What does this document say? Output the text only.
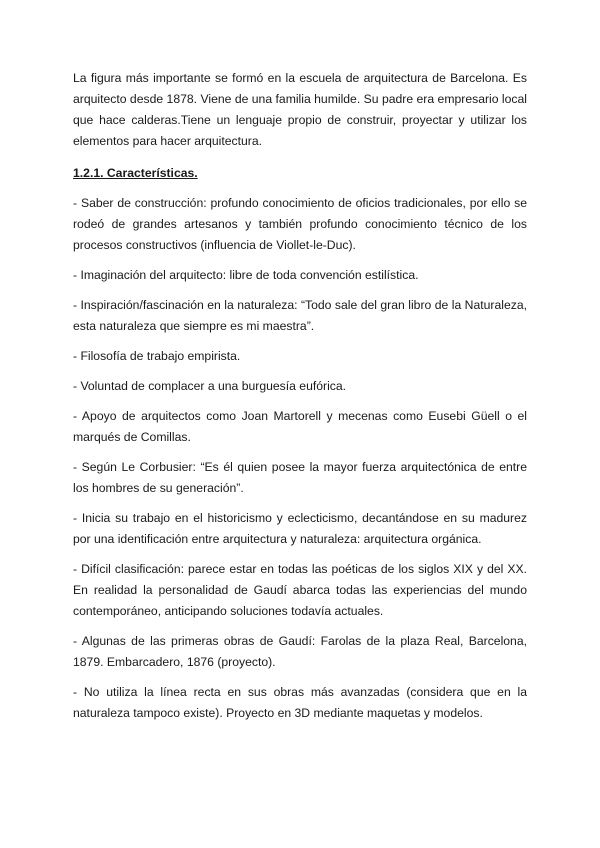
La figura más importante se formó en la escuela de arquitectura de Barcelona. Es arquitecto desde 1878. Viene de una familia humilde. Su padre era empresario local que hace calderas.Tiene un lenguaje propio de construir, proyectar y utilizar los elementos para hacer arquitectura.

1.2.1. Características.

- Saber de construcción: profundo conocimiento de oficios tradicionales, por ello se rodeó de grandes artesanos y también profundo conocimiento técnico de los procesos constructivos (influencia de Viollet-le-Duc).

- Imaginación del arquitecto: libre de toda convención estilística.

- Inspiración/fascinación en la naturaleza: “Todo sale del gran libro de la Naturaleza, esta naturaleza que siempre es mi maestra”.

- Filosofía de trabajo empirista.

- Voluntad de complacer a una burguesía eufórica.

- Apoyo de arquitectos como Joan Martorell y mecenas como Eusebi Güell o el marqués de Comillas.

- Según Le Corbusier: “Es él quien posee la mayor fuerza arquitectónica de entre los hombres de su generación”.

- Inicia su trabajo en el historicismo y eclecticismo, decantándose en su madurez por una identificación entre arquitectura y naturaleza: arquitectura orgánica.

- Difícil clasificación: parece estar en todas las poéticas de los siglos XIX y del XX. En realidad la personalidad de Gaudí abarca todas las experiencias del mundo contemporáneo, anticipando soluciones todavía actuales.

- Algunas de las primeras obras de Gaudí: Farolas de la plaza Real, Barcelona, 1879. Embarcadero, 1876 (proyecto).

- No utiliza la línea recta en sus obras más avanzadas (considera que en la naturaleza tampoco existe). Proyecto en 3D mediante maquetas y modelos.
